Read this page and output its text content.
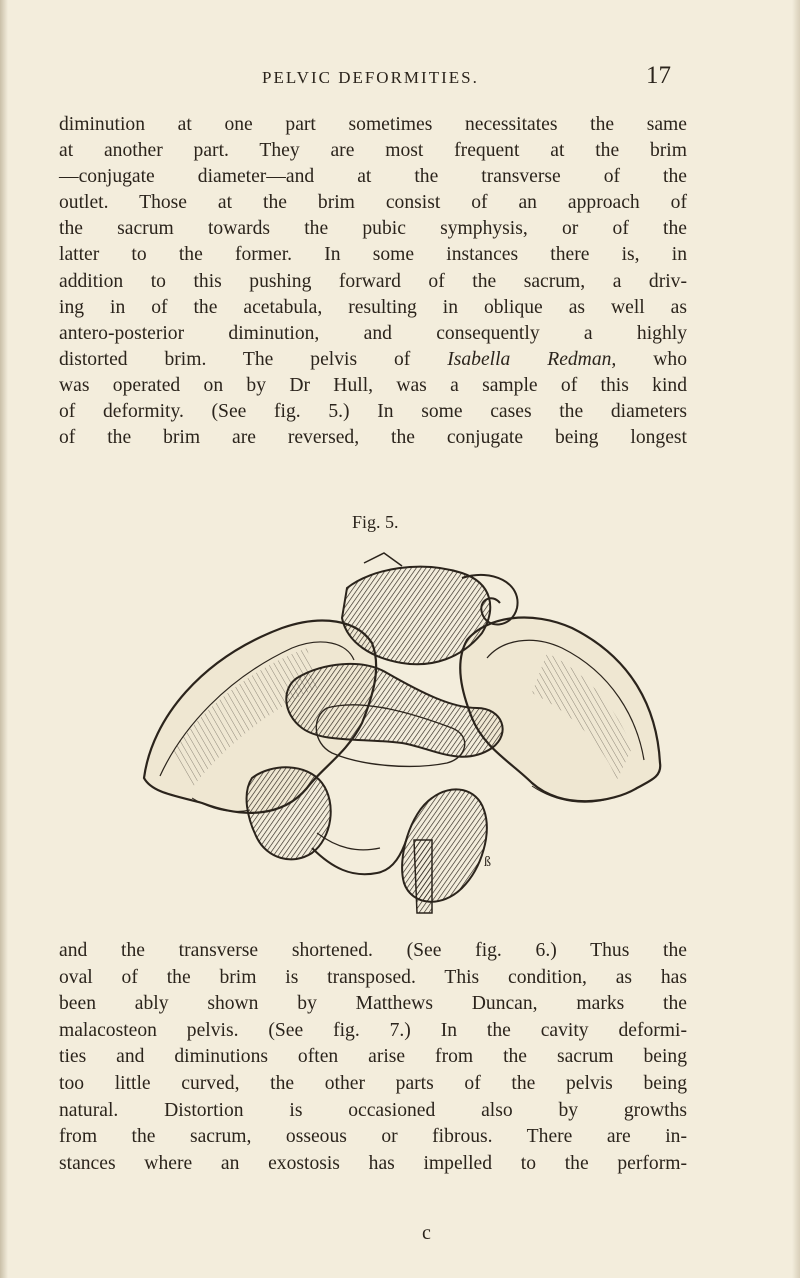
PELVIC DEFORMITIES.	17
diminution at one part sometimes necessitates the same
at another part. They are most frequent at the brim
—conjugate diameter—and at the transverse of the
outlet. Those at the brim consist of an approach of
the sacrum towards the pubic symphysis, or of the
latter to the former. In some instances there is, in
addition to this pushing forward of the sacrum, a driv-
ing in of the acetabula, resulting in oblique as well as
antero-posterior diminution, and consequently a highly
distorted brim. The pelvis of Isabella Redman, who
was operated on by Dr Hull, was a sample of this kind
of deformity. (See fig. 5.) In some cases the diameters
of the brim are reversed, the conjugate being longest
Fig. 5.
ß
and the transverse shortened. (See fig. 6.) Thus the
oval of the brim is transposed. This condition, as has
been ably shown by Matthews Duncan, marks the
malacosteon pelvis. (See fig. 7.) In the cavity deformi-
ties and diminutions often arise from the sacrum being
too little curved, the other parts of the pelvis being
natural. Distortion is occasioned also by growths
from the sacrum, osseous or fibrous. There are in-
stances where an exostosis has impelled to the perform-
c
